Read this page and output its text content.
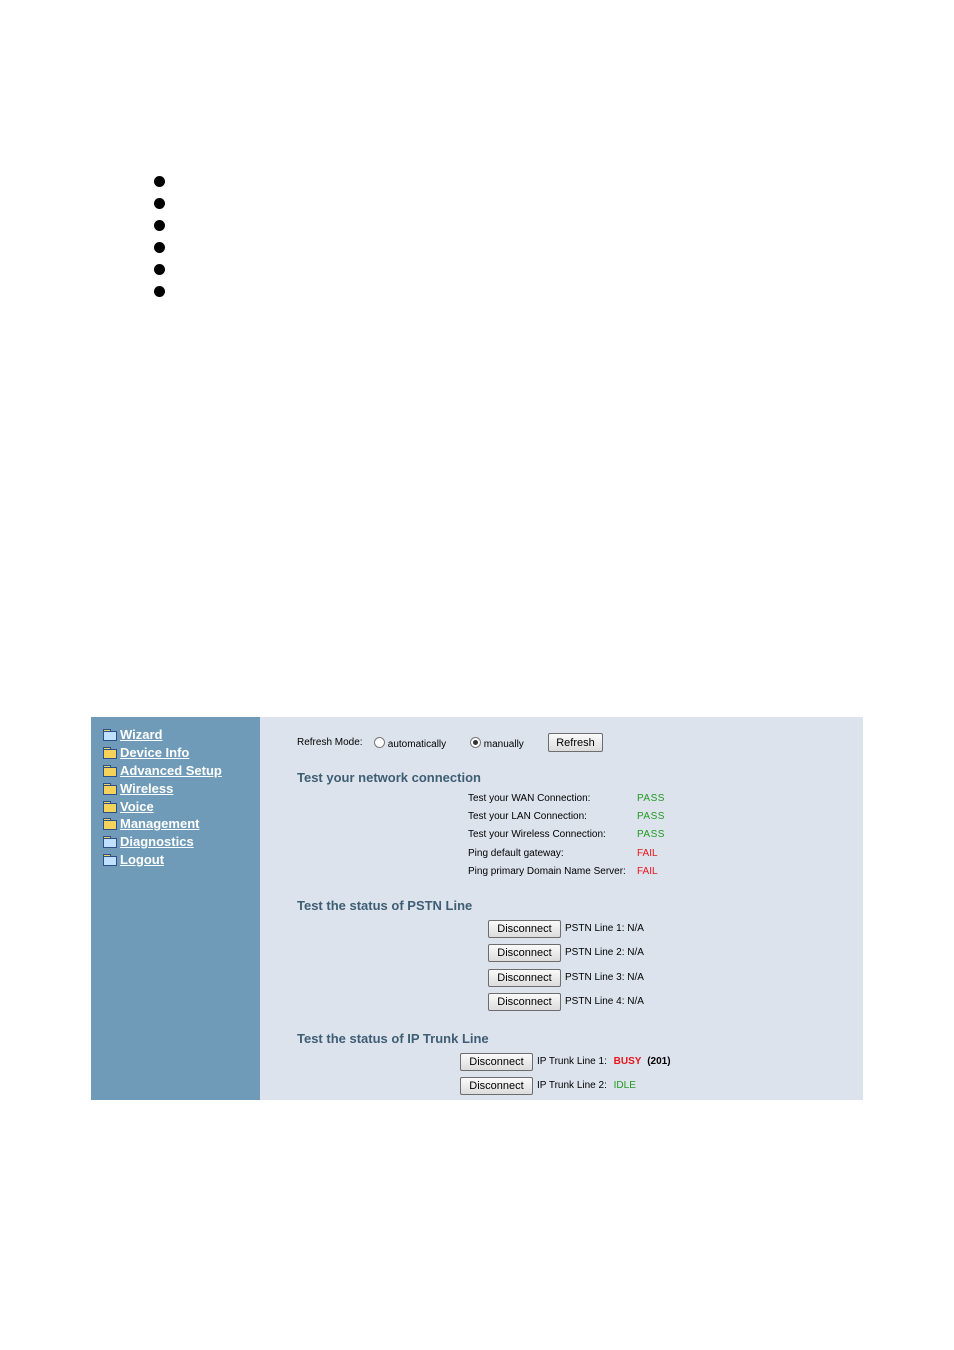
Wizard
Device Info
Advanced Setup
Wireless
Voice
Management
Diagnostics
Logout
Refresh Mode:	automatically	manually	Refresh
Test your network connection
Test your WAN Connection:	PASS
Test your LAN Connection:	PASS
Test your Wireless Connection:	PASS
Ping default gateway:	FAIL
Ping primary Domain Name Server: FAIL
Test the status of PSTN Line
Disconnect	PSTN Line 1: N/A
Disconnect	PSTN Line 2: N/A
Disconnect	PSTN Line 3: N/A
Disconnect	PSTN Line 4: N/A
Test the status of IP Trunk Line
Disconnect	IP Trunk Line 1: BUSY (201)
Disconnect	IP Trunk Line 2: IDLE
